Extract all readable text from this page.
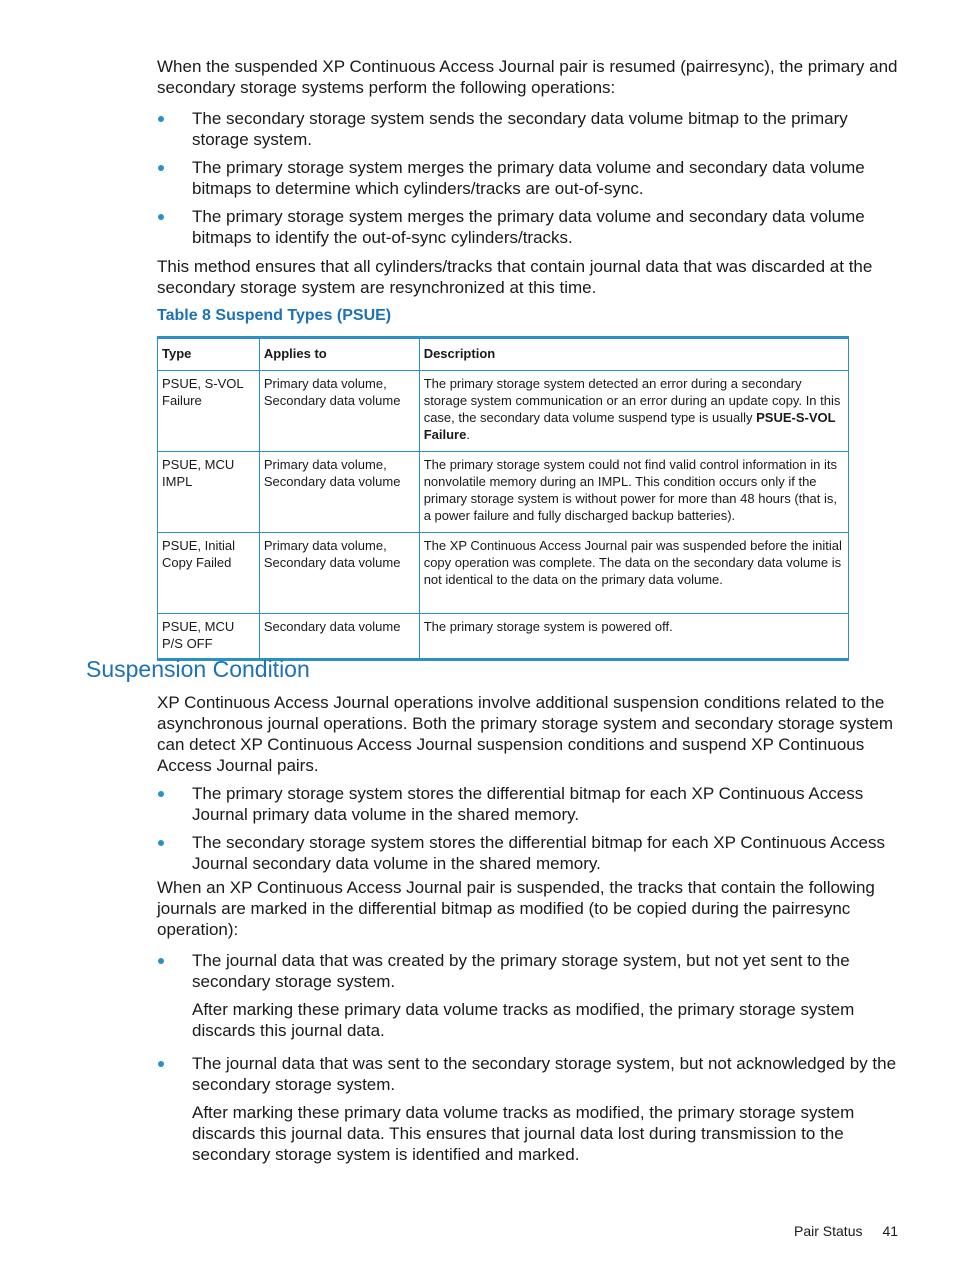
When the suspended XP Continuous Access Journal pair is resumed (pairresync), the primary and secondary storage systems perform the following operations:

The secondary storage system sends the secondary data volume bitmap to the primary storage system.
The primary storage system merges the primary data volume and secondary data volume bitmaps to determine which cylinders/tracks are out-of-sync.
The primary storage system merges the primary data volume and secondary data volume bitmaps to identify the out-of-sync cylinders/tracks.

This method ensures that all cylinders/tracks that contain journal data that was discarded at the secondary storage system are resynchronized at this time.

Table 8 Suspend Types (PSUE)
Type	Applies to	Description
PSUE, S-VOL Failure	Primary data volume, Secondary data volume	The primary storage system detected an error during a secondary storage system communication or an error during an update copy. In this case, the secondary data volume suspend type is usually PSUE-S-VOL Failure.
PSUE, MCU IMPL	Primary data volume, Secondary data volume	The primary storage system could not find valid control information in its nonvolatile memory during an IMPL. This condition occurs only if the primary storage system is without power for more than 48 hours (that is, a power failure and fully discharged backup batteries).
PSUE, Initial Copy Failed	Primary data volume, Secondary data volume	The XP Continuous Access Journal pair was suspended before the initial copy operation was complete. The data on the secondary data volume is not identical to the data on the primary data volume.
PSUE, MCU P/S OFF	Secondary data volume	The primary storage system is powered off.
Suspension Condition

XP Continuous Access Journal operations involve additional suspension conditions related to the asynchronous journal operations. Both the primary storage system and secondary storage system can detect XP Continuous Access Journal suspension conditions and suspend XP Continuous Access Journal pairs.

The primary storage system stores the differential bitmap for each XP Continuous Access Journal primary data volume in the shared memory.
The secondary storage system stores the differential bitmap for each XP Continuous Access Journal secondary data volume in the shared memory.

When an XP Continuous Access Journal pair is suspended, the tracks that contain the following journals are marked in the differential bitmap as modified (to be copied during the pairresync operation):

The journal data that was created by the primary storage system, but not yet sent to the secondary storage system.
After marking these primary data volume tracks as modified, the primary storage system discards this journal data.
The journal data that was sent to the secondary storage system, but not acknowledged by the secondary storage system.
After marking these primary data volume tracks as modified, the primary storage system discards this journal data. This ensures that journal data lost during transmission to the secondary storage system is identified and marked.
Pair Status 41
